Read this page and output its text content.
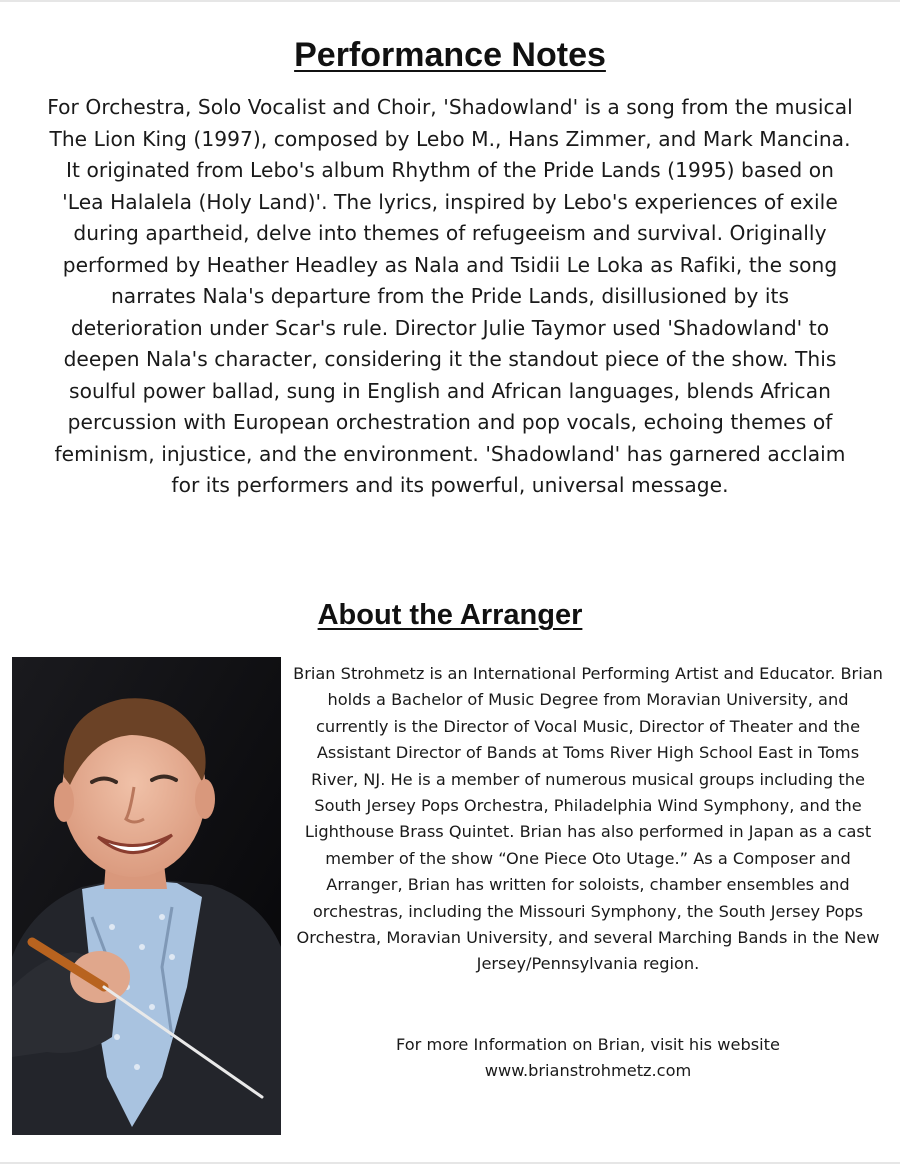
Performance Notes

For Orchestra, Solo Vocalist and Choir, 'Shadowland' is a song from the musical The Lion King (1997), composed by Lebo M., Hans Zimmer, and Mark Mancina. It originated from Lebo's album Rhythm of the Pride Lands (1995) based on 'Lea Halalela (Holy Land)'. The lyrics, inspired by Lebo's experiences of exile during apartheid, delve into themes of refugeeism and survival. Originally performed by Heather Headley as Nala and Tsidii Le Loka as Rafiki, the song narrates Nala's departure from the Pride Lands, disillusioned by its deterioration under Scar's rule. Director Julie Taymor used 'Shadowland' to deepen Nala's character, considering it the standout piece of the show. This soulful power ballad, sung in English and African languages, blends African percussion with European orchestration and pop vocals, echoing themes of feminism, injustice, and the environment. 'Shadowland' has garnered acclaim for its performers and its powerful, universal message.

About the Arranger

Brian Strohmetz is an International Performing Artist and Educator. Brian holds a Bachelor of Music Degree from Moravian University, and currently is the Director of Vocal Music, Director of Theater and the Assistant Director of Bands at Toms River High School East in Toms River, NJ. He is a member of numerous musical groups including the South Jersey Pops Orchestra, Philadelphia Wind Symphony, and the Lighthouse Brass Quintet. Brian has also performed in Japan as a cast member of the show “One Piece Oto Utage.” As a Composer and Arranger, Brian has written for soloists, chamber ensembles and orchestras, including the Missouri Symphony, the South Jersey Pops Orchestra, Moravian University, and several Marching Bands in the New Jersey/Pennsylvania region.

For more Information on Brian, visit his website
www.brianstrohmetz.com
